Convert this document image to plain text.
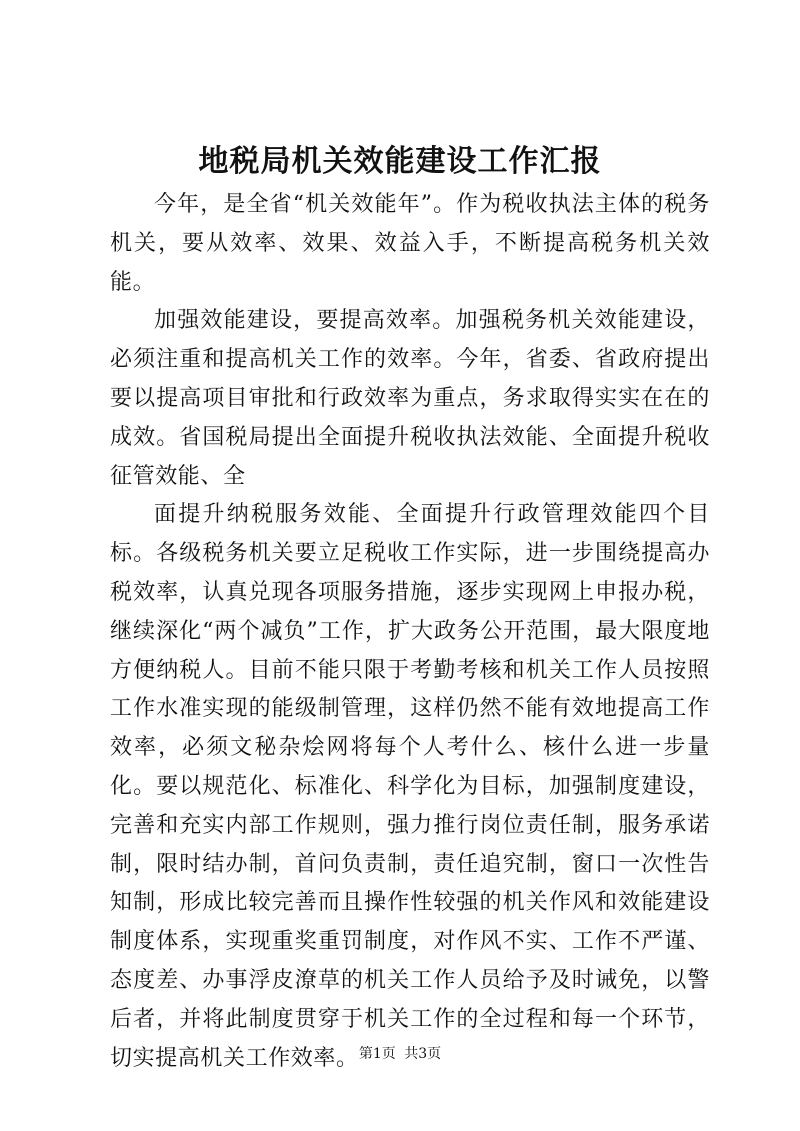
地税局机关效能建设工作汇报

今年，是全省“机关效能年”。作为税收执法主体的税务机关，要从效率、效果、效益入手，不断提高税务机关效能。

加强效能建设，要提高效率。加强税务机关效能建设，必须注重和提高机关工作的效率。今年，省委、省政府提出要以提高项目审批和行政效率为重点，务求取得实实在在的成效。省国税局提出全面提升税收执法效能、全面提升税收征管效能、全

面提升纳税服务效能、全面提升行政管理效能四个目标。各级税务机关要立足税收工作实际，进一步围绕提高办税效率，认真兑现各项服务措施，逐步实现网上申报办税，继续深化“两个减负”工作，扩大政务公开范围，最大限度地方便纳税人。目前不能只限于考勤考核和机关工作人员按照工作水准实现的能级制管理，这样仍然不能有效地提高工作效率，必须文秘杂烩网将每个人考什么、核什么进一步量化。要以规范化、标准化、科学化为目标，加强制度建设，完善和充实内部工作规则，强力推行岗位责任制，服务承诺制，限时结办制，首问负责制，责任追究制，窗口一次性告知制，形成比较完善而且操作性较强的机关作风和效能建设制度体系，实现重奖重罚制度，对作风不实、工作不严谨、态度差、办事浮皮潦草的机关工作人员给予及时诫免，以警后者，并将此制度贯穿于机关工作的全过程和每一个环节，切实提高机关工作效率。 第1页 共3页
